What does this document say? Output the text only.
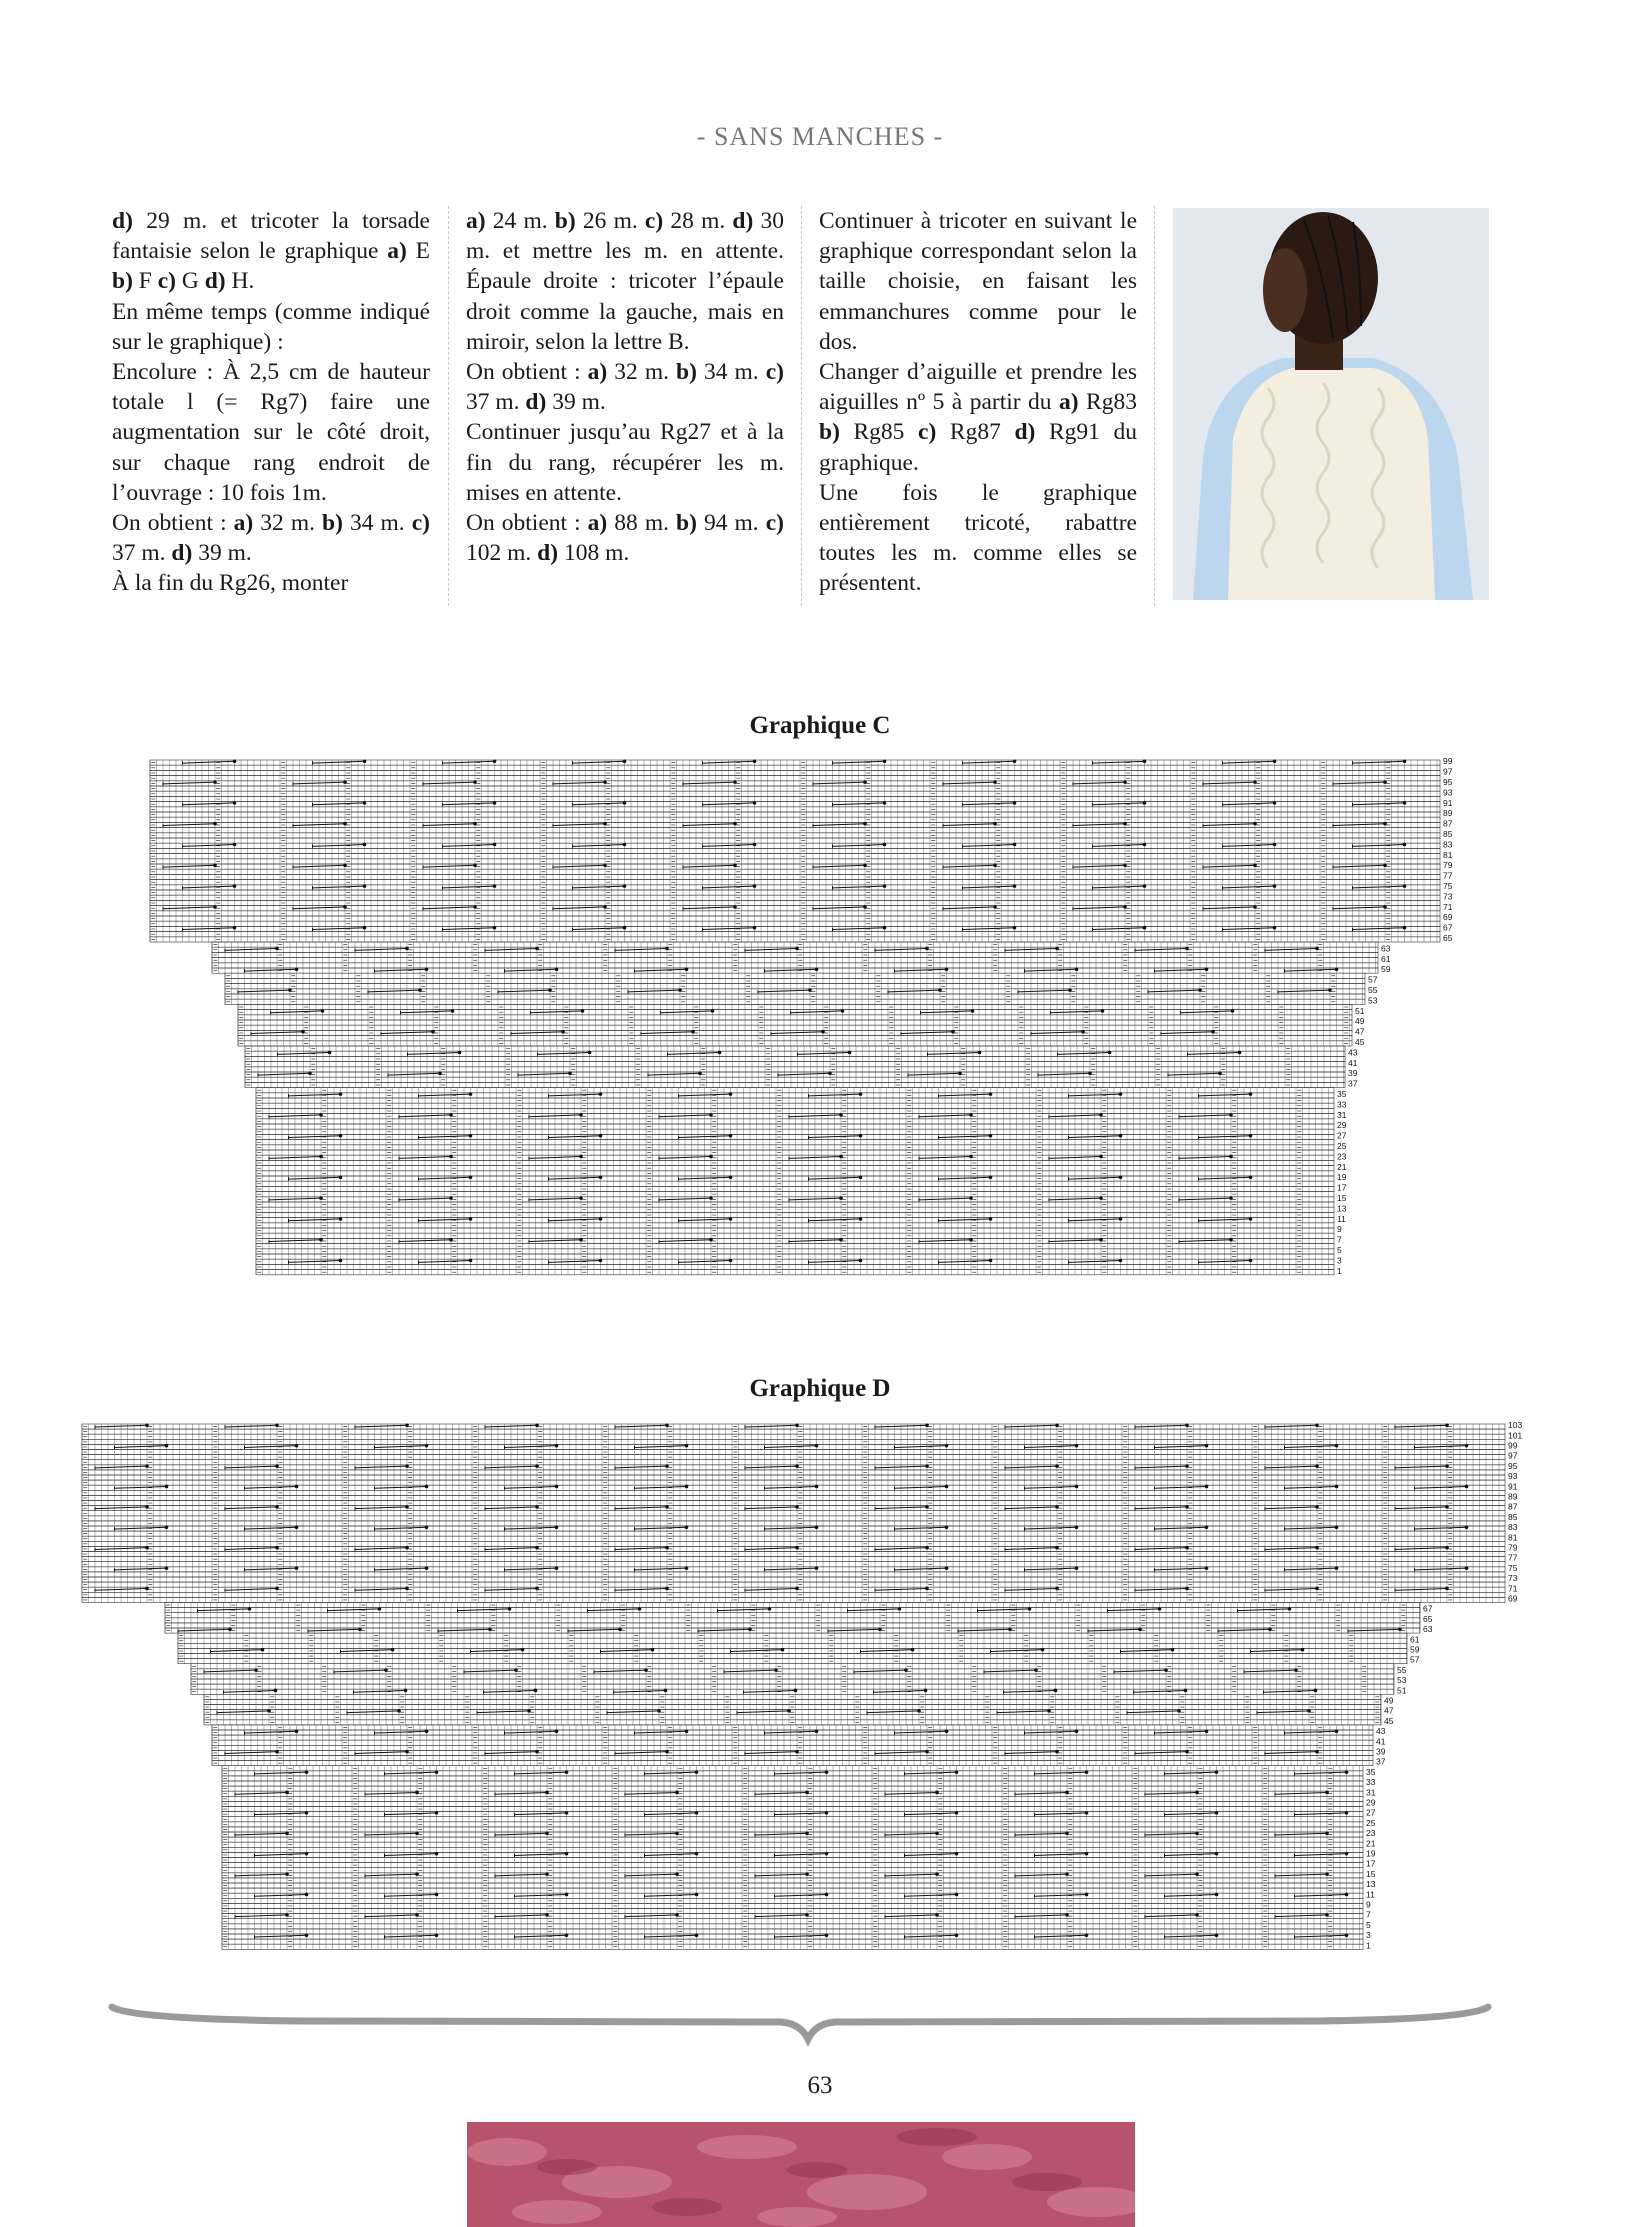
- SANS MANCHES -

d) 29 m. et tricoter la torsade fantaisie selon le graphique a) E b) F c) G d) H.

En même temps (comme indiqué sur le graphique) :

Encolure : À 2,5 cm de hauteur totale l (= Rg7) faire une augmentation sur le côté droit, sur chaque rang endroit de l’ouvrage : 10 fois 1m.

On obtient : a) 32 m. b) 34 m. c) 37 m. d) 39 m.

À la fin du Rg26, monter

a) 24 m. b) 26 m. c) 28 m. d) 30 m. et mettre les m. en attente. Épaule droite : tricoter l’épaule droit comme la gauche, mais en miroir, selon la lettre B.

On obtient : a) 32 m. b) 34 m. c) 37 m. d) 39 m.

Continuer jusqu’au Rg27 et à la fin du rang, récupérer les m. mises en attente.

On obtient : a) 88 m. b) 94 m. c) 102 m. d) 108 m.

Continuer à tricoter en suivant le graphique correspondant selon la taille choisie, en faisant les emmanchures comme pour le dos.

Changer d’aiguille et prendre les aiguilles nº 5 à partir du a) Rg83 b) Rg85 c) Rg87 d) Rg91 du graphique.

Une fois le graphique entièrement tricoté, rabattre toutes les m. comme elles se présentent.

Graphique C
1
3
5
7
9
11
13
15
17
19
21
23
25
27
29
31
33
35
37
39
41
43
45
47
49
51
53
55
57
59
61
63
65
67
69
71
73
75
77
79
81
83
85
87
89
91
93
95
97
99
Graphique D
1
3
5
7
9
11
13
15
17
19
21
23
25
27
29
31
33
35
37
39
41
43
45
47
49
51
53
55
57
59
61
63
65
67
69
71
73
75
77
79
81
83
85
87
89
91
93
95
97
99
101
103
63
